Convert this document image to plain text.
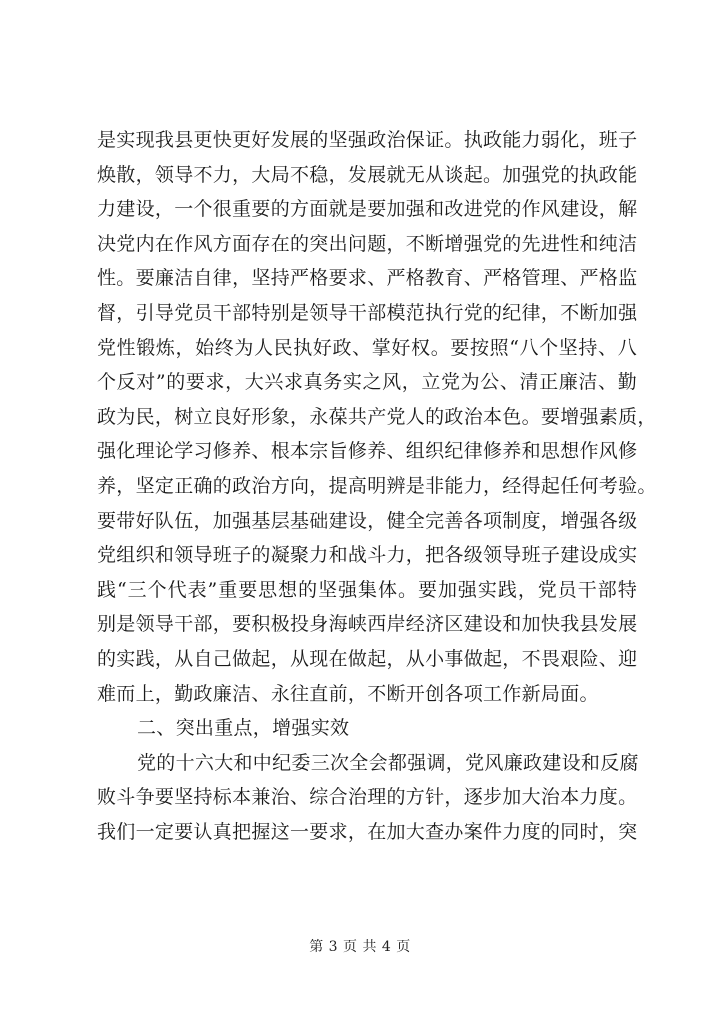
是实现我县更快更好发展的坚强政治保证。执政能力弱化，班子
焕散，领导不力，大局不稳，发展就无从谈起。加强党的执政能
力建设，一个很重要的方面就是要加强和改进党的作风建设，解
决党内在作风方面存在的突出问题，不断增强党的先进性和纯洁
性。要廉洁自律，坚持严格要求、严格教育、严格管理、严格监
督，引导党员干部特别是领导干部模范执行党的纪律，不断加强
党性锻炼，始终为人民执好政、掌好权。要按照“八个坚持、八
个反对”的要求，大兴求真务实之风，立党为公、清正廉洁、勤
政为民，树立良好形象，永葆共产党人的政治本色。要增强素质，
强化理论学习修养、根本宗旨修养、组织纪律修养和思想作风修
养，坚定正确的政治方向，提高明辨是非能力，经得起任何考验。
要带好队伍，加强基层基础建设，健全完善各项制度，增强各级
党组织和领导班子的凝聚力和战斗力，把各级领导班子建设成实
践“三个代表”重要思想的坚强集体。要加强实践，党员干部特
别是领导干部，要积极投身海峡西岸经济区建设和加快我县发展
的实践，从自己做起，从现在做起，从小事做起，不畏艰险、迎
难而上，勤政廉洁、永往直前，不断开创各项工作新局面。
二、突出重点，增强实效
党的十六大和中纪委三次全会都强调，党风廉政建设和反腐
败斗争要坚持标本兼治、综合治理的方针，逐步加大治本力度。
我们一定要认真把握这一要求，在加大查办案件力度的同时，突
第 3 页 共 4 页
